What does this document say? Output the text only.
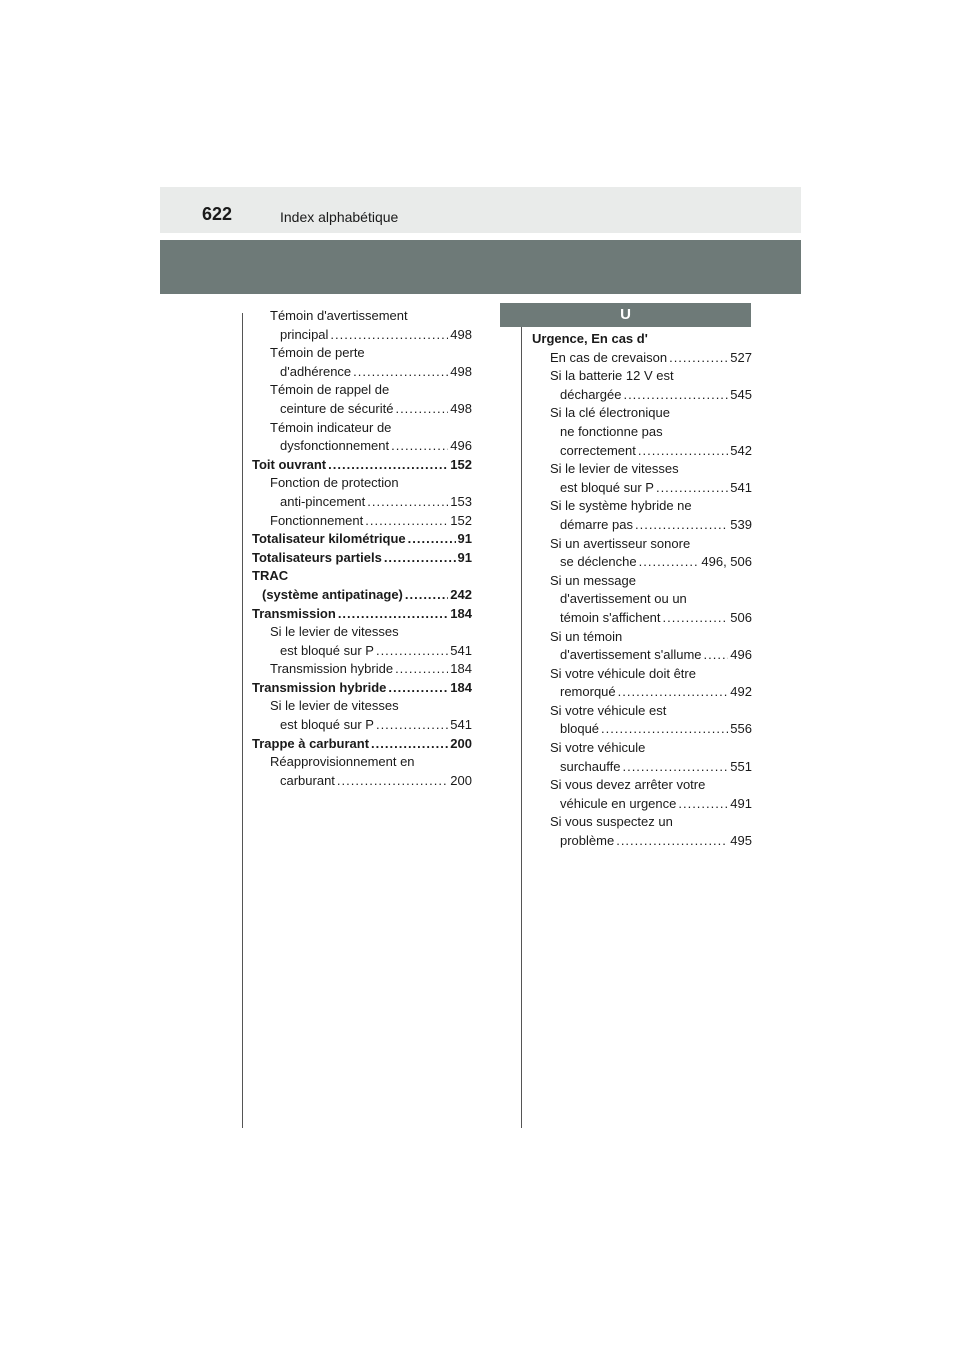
622	Index alphabétique
U
Témoin d'avertissement
principal .....	498
Témoin de perte
d'adhérence .....	498
Témoin de rappel de
ceinture de sécurité .....	498
Témoin indicateur de
dysfonctionnement .....	496
Toit ouvrant .....	152
Fonction de protection
anti-pincement .....	153
Fonctionnement .....	152
Totalisateur kilométrique .....	91
Totalisateurs partiels .....	91
TRAC
(système antipatinage) .....	242
Transmission .....	184
Si le levier de vitesses
est bloqué sur P .....	541
Transmission hybride .....	184
Transmission hybride .....	184
Si le levier de vitesses
est bloqué sur P .....	541
Trappe à carburant .....	200
Réapprovisionnement en
carburant .....	200
Urgence, En cas d'
En cas de crevaison .....	527
Si la batterie 12 V est
déchargée .....	545
Si la clé électronique
ne fonctionne pas
correctement .....	542
Si le levier de vitesses
est bloqué sur P .....	541
Si le système hybride ne
démarre pas .....	539
Si un avertisseur sonore
se déclenche .....	496, 506
Si un message
d'avertissement ou un
témoin s'affichent .....	506
Si un témoin
d'avertissement s'allume ..... 496
Si votre véhicule doit être
remorqué .....	492
Si votre véhicule est
bloqué .....	556
Si votre véhicule
surchauffe .....	551
Si vous devez arrêter votre
véhicule en urgence .....	491
Si vous suspectez un
problème .....	495
